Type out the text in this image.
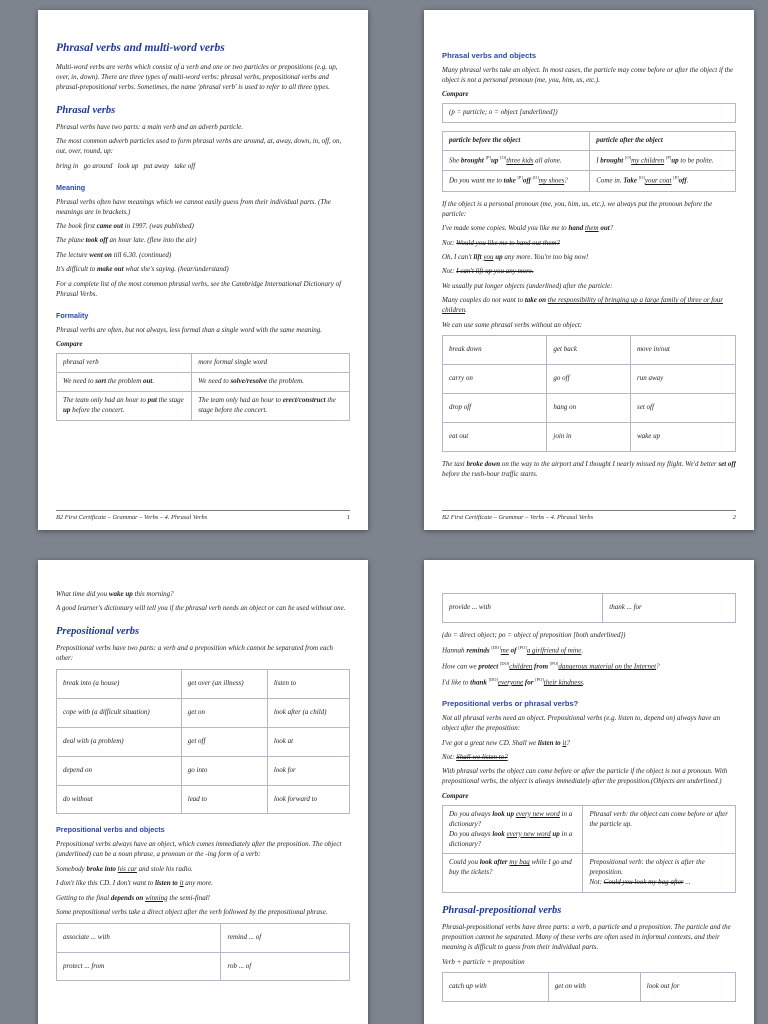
Phrasal verbs and multi-word verbs

Multi-word verbs are verbs which consist of a verb and one or two particles or prepositions (e.g. up, over, in, down). There are three types of multi-word verbs: phrasal verbs, prepositional verbs and phrasal-prepositional verbs. Sometimes, the name 'phrasal verb' is used to refer to all three types.

Phrasal verbs

Phrasal verbs have two parts: a main verb and an adverb particle.

The most common adverb particles used to form phrasal verbs are around, at, away, down, in, off, on, out, over, round, up:

bring in   go around   look up   put away   take off

Meaning

Phrasal verbs often have meanings which we cannot easily guess from their individual parts. (The meanings are in brackets.)

The book first came out in 1997. (was published)

The plane took off an hour late. (flew into the air)

The lecture went on till 6.30. (continued)

It's difficult to make out what she's saying. (hear/understand)

For a complete list of the most common phrasal verbs, see the Cambridge International Dictionary of Phrasal Verbs.

Formality

Phrasal verbs are often, but not always, less formal than a single word with the same meaning.

Compare

phrasal verb	more formal single word
We need to sort the problem out.	We need to solve/resolve the problem.
The team only had an hour to put the stage up before the concert.	The team only had an hour to erect/construct the stage before the concert.
B2 First Certificate – Grammar – Verbs – 4. Phrasal Verbs	1
Phrasal verbs and objects

Many phrasal verbs take an object. In most cases, the particle may come before or after the object if the object is not a personal pronoun (me, you, him, us, etc.).

Compare

(p = particle; o = object [underlined])
particle before the object	particle after the object
She brought [P]up [O]three kids all alone.	I brought [O]my children [P]up to be polite.
Do you want me to take [P]off [O]my shoes?	Come in. Take [O]your coat [P]off.

If the object is a personal pronoun (me, you, him, us, etc.), we always put the pronoun before the particle:

I've made some copies. Would you like me to hand them out?

Not: Would you like me to hand out them?

Oh, I can't lift you up any more. You're too big now!

Not: I can't lift up you any more.

We usually put longer objects (underlined) after the particle:

Many couples do not want to take on the responsibility of bringing up a large family of three or four children.

We can use some phrasal verbs without an object:

break down	get back	move in/out
carry on	go off	run away
drop off	hang on	set off
eat out	join in	wake up

The taxi broke down on the way to the airport and I thought I nearly missed my flight. We'd better set off before the rush-hour traffic starts.

B2 First Certificate – Grammar – Verbs – 4. Phrasal Verbs	2

What time did you wake up this morning?

A good learner's dictionary will tell you if the phrasal verb needs an object or can be used without one.

Prepositional verbs

Prepositional verbs have two parts: a verb and a preposition which cannot be separated from each other:

break into (a house)	get over (an illness)	listen to
cope with (a difficult situation)	get on	look after (a child)
deal with (a problem)	get off	look at
depend on	go into	look for
do without	lead to	look forward to
Prepositional verbs and objects

Prepositional verbs always have an object, which comes immediately after the preposition. The object (underlined) can be a noun phrase, a pronoun or the -ing form of a verb:

Somebody broke into his car and stole his radio.

I don't like this CD. I don't want to listen to it any more.

Getting to the final depends on winning the semi-final!

Some prepositional verbs take a direct object after the verb followed by the prepositional phrase.

associate ... with	remind ... of
protect ... from	rob ... of
provide ... with	thank ... for

(do = direct object; po = object of preposition [both underlined])

Hannah reminds [DO]me of [PO]a girlfriend of mine.

How can we protect [DO]children from [PO]dangerous material on the Internet?

I'd like to thank [DO]everyone for [PO]their kindness.

Prepositional verbs or phrasal verbs?

Not all phrasal verbs need an object. Prepositional verbs (e.g. listen to, depend on) always have an object after the preposition:

I've got a great new CD. Shall we listen to it?

Not: Shall we listen to?

With phrasal verbs the object can come before or after the particle if the object is not a pronoun. With prepositional verbs, the object is always immediately after the preposition.(Objects are underlined.)

Compare

Do you always look up every new word in a dictionary?
Do you always look every new word up in a dictionary?	Phrasal verb: the object can come before or after the particle up.
Could you look after my bag while I go and buy the tickets?	Prepositional verb: the object is after the preposition.
Not: Could you look my bag after ...
Phrasal-prepositional verbs

Phrasal-prepositional verbs have three parts: a verb, a particle and a preposition. The particle and the preposition cannot be separated. Many of these verbs are often used in informal contexts, and their meaning is difficult to guess from their individual parts.

Verb + particle + preposition

catch up with	get on with	look out for
